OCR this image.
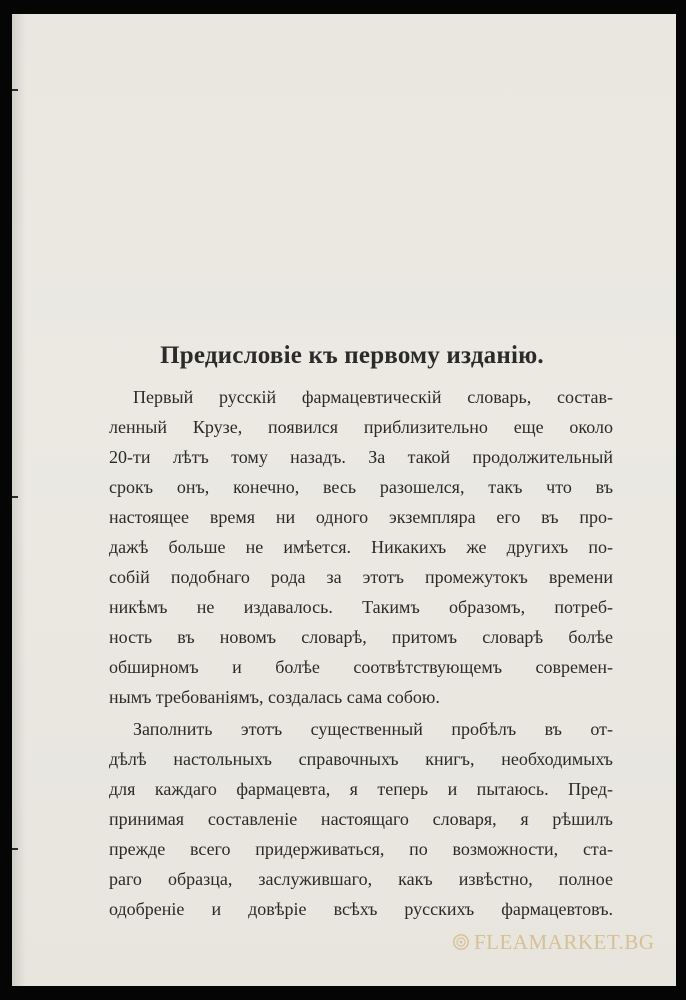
Предисловіе къ первому изданію.
Первый русскій фармацевтическій словарь, состав-
ленный Крузе, появился приблизительно еще около
20-ти лѣтъ тому назадъ. За такой продолжительный
срокъ онъ, конечно, весь разошелся, такъ что въ
настоящее время ни одного экземпляра его въ про-
дажѣ больше не имѣется. Никакихъ же другихъ по-
собій подобнаго рода за этотъ промежутокъ времени
никѣмъ не издавалось. Такимъ образомъ, потреб-
ность въ новомъ словарѣ, притомъ словарѣ болѣе
обширномъ и болѣе соотвѣтствующемъ современ-
нымъ требованіямъ, создалась сама собою.
Заполнить этотъ существенный пробѣлъ въ от-
дѣлѣ настольныхъ справочныхъ книгъ, необходимыхъ
для каждаго фармацевта, я теперь и пытаюсь. Пред-
принимая составленіе настоящаго словаря, я рѣшилъ
прежде всего придерживаться, по возможности, ста-
раго образца, заслужившаго, какъ извѣстно, полное
одобреніе и довѣріе всѣхъ русскихъ фармацевтовъ.
FLEAMARKET.BG
